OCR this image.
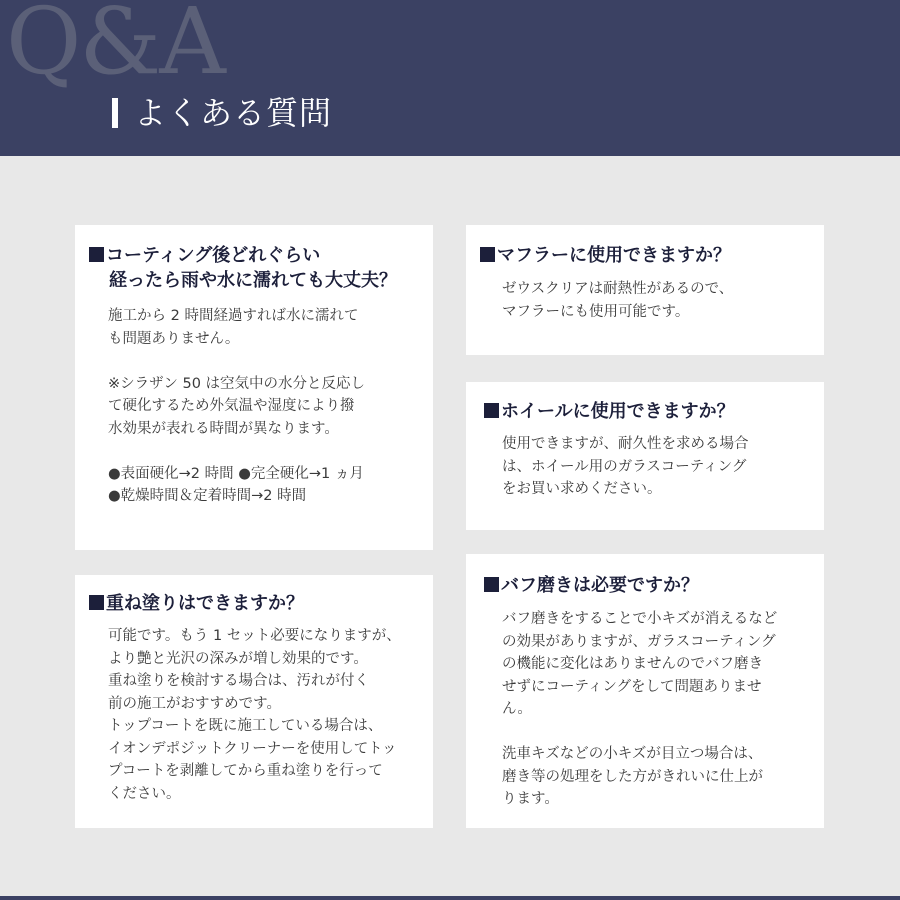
Q&A
よくある質問
コーティング後どれぐらい
経ったら雨や水に濡れても大丈夫？
施工から 2 時間経過すれば水に濡れて
も問題ありません。
※シラザン 50 は空気中の水分と反応し
て硬化するため外気温や湿度により撥
水効果が表れる時間が異なります。
●表面硬化→2 時間 ●完全硬化→1 ヵ月
●乾燥時間＆定着時間→2 時間
マフラーに使用できますか？
ゼウスクリアは耐熱性があるので、
マフラーにも使用可能です。
ホイールに使用できますか？
使用できますが、耐久性を求める場合
は、ホイール用のガラスコーティング
をお買い求めください。
重ね塗りはできますか？
可能です。もう 1 セット必要になりますが、
より艶と光沢の深みが増し効果的です。
重ね塗りを検討する場合は、汚れが付く
前の施工がおすすめです。
トップコートを既に施工している場合は、
イオンデポジットクリーナーを使用してトッ
プコートを剥離してから重ね塗りを行って
ください。
バフ磨きは必要ですか？
バフ磨きをすることで小キズが消えるなど
の効果がありますが、ガラスコーティング
の機能に変化はありませんのでバフ磨き
せずにコーティングをして問題ありませ
ん。
洗車キズなどの小キズが目立つ場合は、
磨き等の処理をした方がきれいに仕上が
ります。
